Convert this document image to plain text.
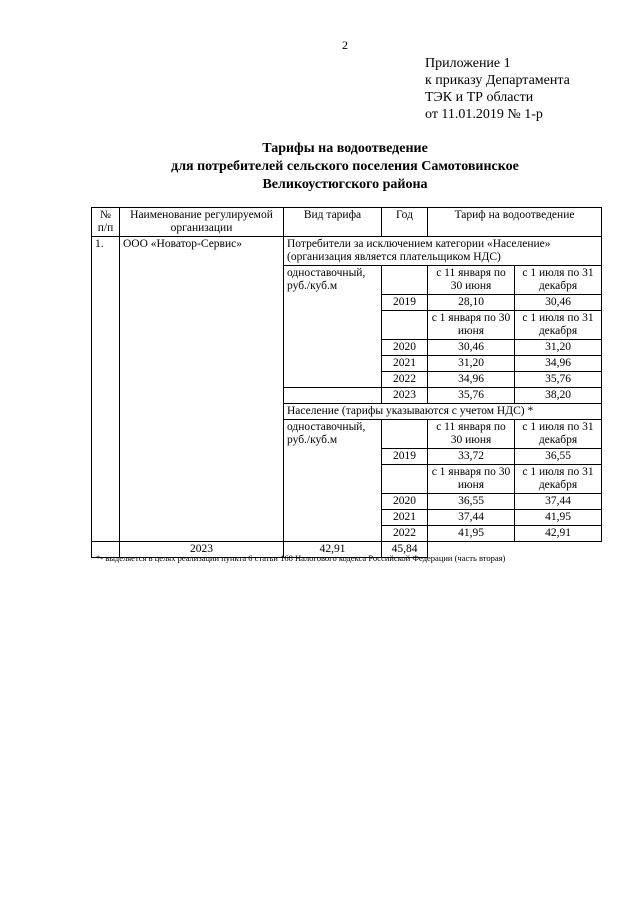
2
Приложение 1
к приказу Департамента
ТЭК и ТР области
от 11.01.2019 № 1-р
Тарифы на водоотведение
для потребителей сельского поселения Самотовинское
Великоустюгского района
№ п/п	Наименование регулируемой организации	Вид тарифа	Год	Тариф на водоотведение	
1.	ООО «Новатор-Сервис»	Потребители за исключением категории «Население» (организация является плательщиком НДС)			
		одноставочный, руб./куб.м		с 11 января по 30 июня	с 1 июля по 31 декабря
			2019	28,10	30,46
				с 1 января по 30 июня	с 1 июля по 31 декабря
			2020	30,46	31,20
			2021	31,20	34,96
			2022	34,96	35,76
			2023	35,76	38,20
		Население (тарифы указываются с учетом НДС) *			
		одноставочный, руб./куб.м		с 11 января по 30 июня	с 1 июля по 31 декабря
			2019	33,72	36,55
				с 1 января по 30 июня	с 1 июля по 31 декабря
			2020	36,55	37,44
			2021	37,44	41,95
			2022	41,95	42,91
	2023	42,91	45,84		
*- выделяется в целях реализации пункта 6 статьи 168 Налогового кодекса Российской Федерации (часть вторая)
